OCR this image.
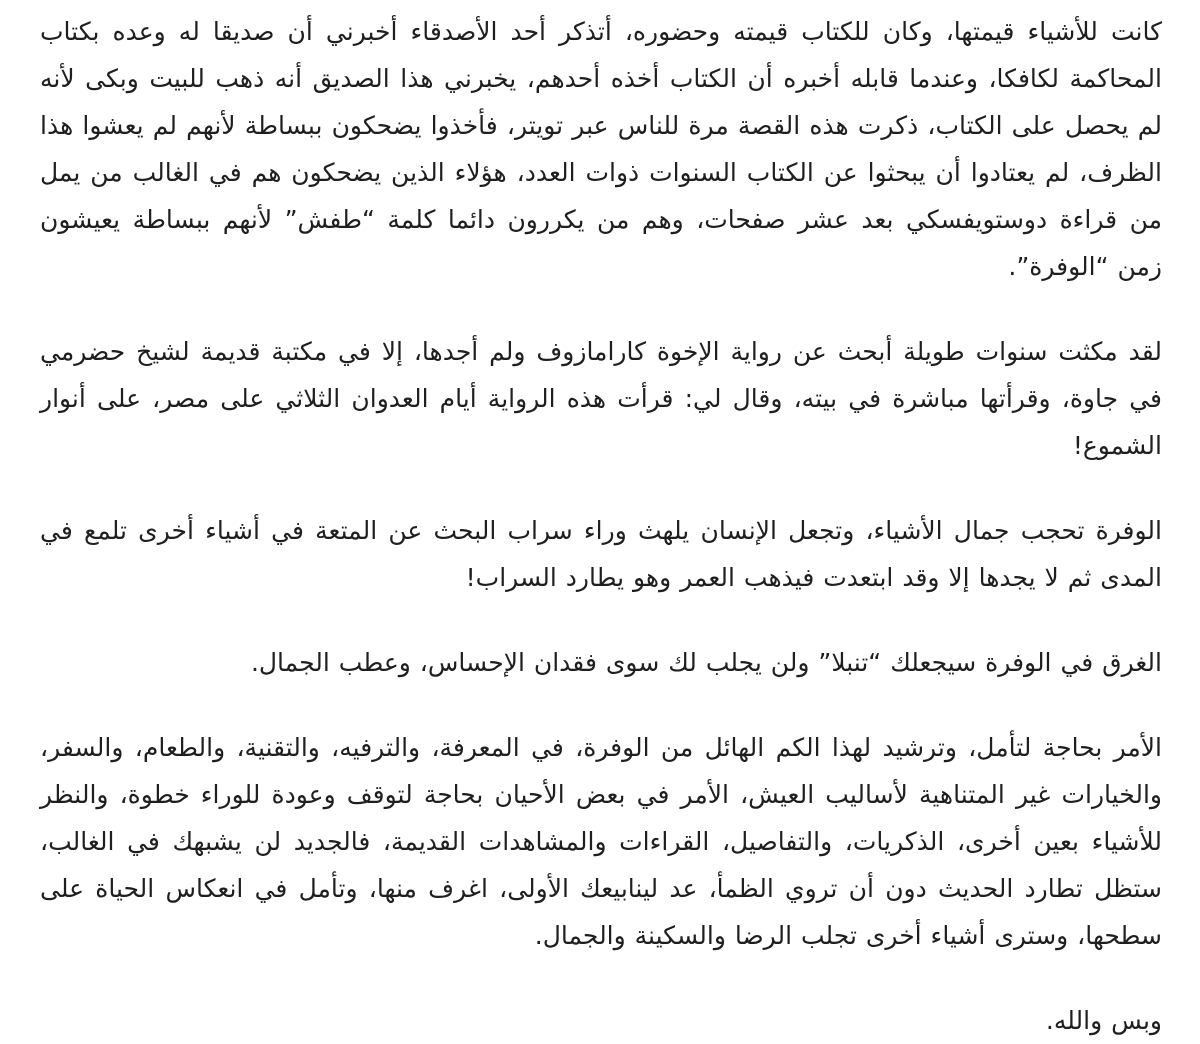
كانت للأشياء قيمتها، وكان للكتاب قيمته وحضوره، أتذكر أحد الأصدقاء أخبرني أن صديقا له وعده بكتاب المحاكمة لكافكا، وعندما قابله أخبره أن الكتاب أخذه أحدهم، يخبرني هذا الصديق أنه ذهب للبيت وبكى لأنه لم يحصل على الكتاب، ذكرت هذه القصة مرة للناس عبر تويتر، فأخذوا يضحكون ببساطة لأنهم لم يعشوا هذا الظرف، لم يعتادوا أن يبحثوا عن الكتاب السنوات ذوات العدد، هؤلاء الذين يضحكون هم في الغالب من يمل من قراءة دوستويفسكي بعد عشر صفحات، وهم من يكررون دائما كلمة “طفش” لأنهم ببساطة يعيشون زمن “الوفرة”.

لقد مكثت سنوات طويلة أبحث عن رواية الإخوة كارامازوف ولم أجدها، إلا في مكتبة قديمة لشيخ حضرمي في جاوة، وقرأتها مباشرة في بيته، وقال لي: قرأت هذه الرواية أيام العدوان الثلاثي على مصر، على أنوار الشموع!

الوفرة تحجب جمال الأشياء، وتجعل الإنسان يلهث وراء سراب البحث عن المتعة في أشياء أخرى تلمع في المدى ثم لا يجدها إلا وقد ابتعدت فيذهب العمر وهو يطارد السراب!

الغرق في الوفرة سيجعلك “تنبلا” ولن يجلب لك سوى فقدان الإحساس، وعطب الجمال.

الأمر بحاجة لتأمل، وترشيد لهذا الكم الهائل من الوفرة، في المعرفة، والترفيه، والتقنية، والطعام، والسفر، والخيارات غير المتناهية لأساليب العيش، الأمر في بعض الأحيان بحاجة لتوقف وعودة للوراء خطوة، والنظر للأشياء بعين أخرى، الذكريات، والتفاصيل، القراءات والمشاهدات القديمة، فالجديد لن يشبهك في الغالب، ستظل تطارد الحديث دون أن تروي الظمأ، عد لينابيعك الأولى، اغرف منها، وتأمل في انعكاس الحياة على سطحها، وسترى أشياء أخرى تجلب الرضا والسكينة والجمال.

وبس والله.
